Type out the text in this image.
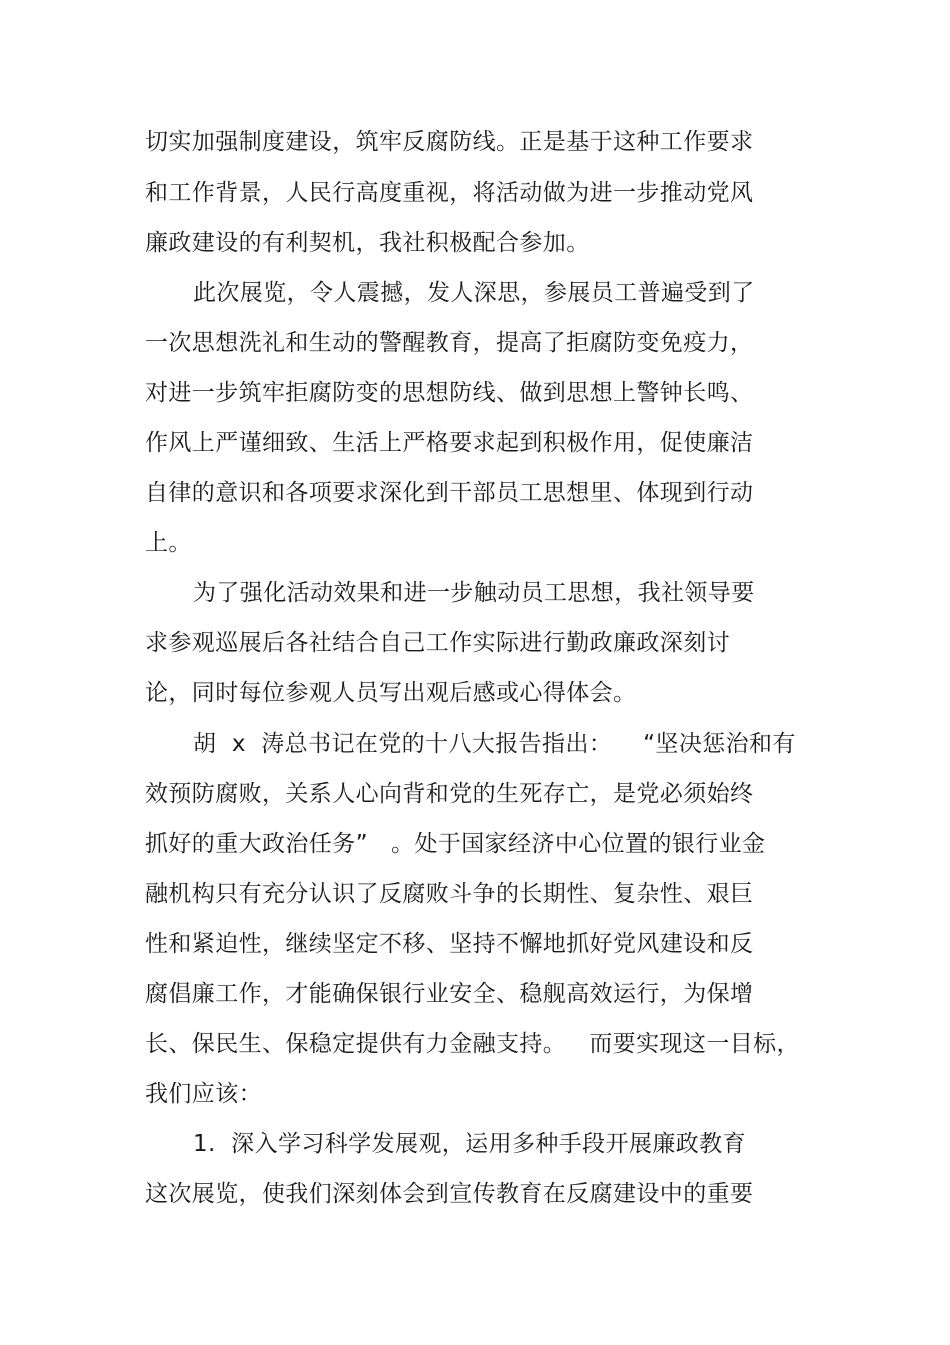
切实加强制度建设，筑牢反腐防线。正是基于这种工作要求
和工作背景，人民行高度重视，将活动做为进一步推动党风
廉政建设的有利契机，我社积极配合参加。
此次展览，令人震撼，发人深思，参展员工普遍受到了
一次思想洗礼和生动的警醒教育，提高了拒腐防变免疫力，
对进一步筑牢拒腐防变的思想防线、做到思想上警钟长鸣、
作风上严谨细致、生活上严格要求起到积极作用，促使廉洁
自律的意识和各项要求深化到干部员工思想里、体现到行动
上。
为了强化活动效果和进一步触动员工思想，我社领导要
求参观巡展后各社结合自己工作实际进行勤政廉政深刻讨
论，同时每位参观人员写出观后感或心得体会。
胡  x  涛总书记在党的十八大报告指出：    “坚决惩治和有
效预防腐败，关系人心向背和党的生死存亡，是党必须始终
抓好的重大政治任务”   。处于国家经济中心位置的银行业金
融机构只有充分认识了反腐败斗争的长期性、复杂性、艰巨
性和紧迫性，继续坚定不移、坚持不懈地抓好党风建设和反
腐倡廉工作，才能确保银行业安全、稳舰高效运行，为保增
长、保民生、保稳定提供有力金融支持。   而要实现这一目标，
我们应该：
1.  深入学习科学发展观，运用多种手段开展廉政教育
这次展览，使我们深刻体会到宣传教育在反腐建设中的重要
